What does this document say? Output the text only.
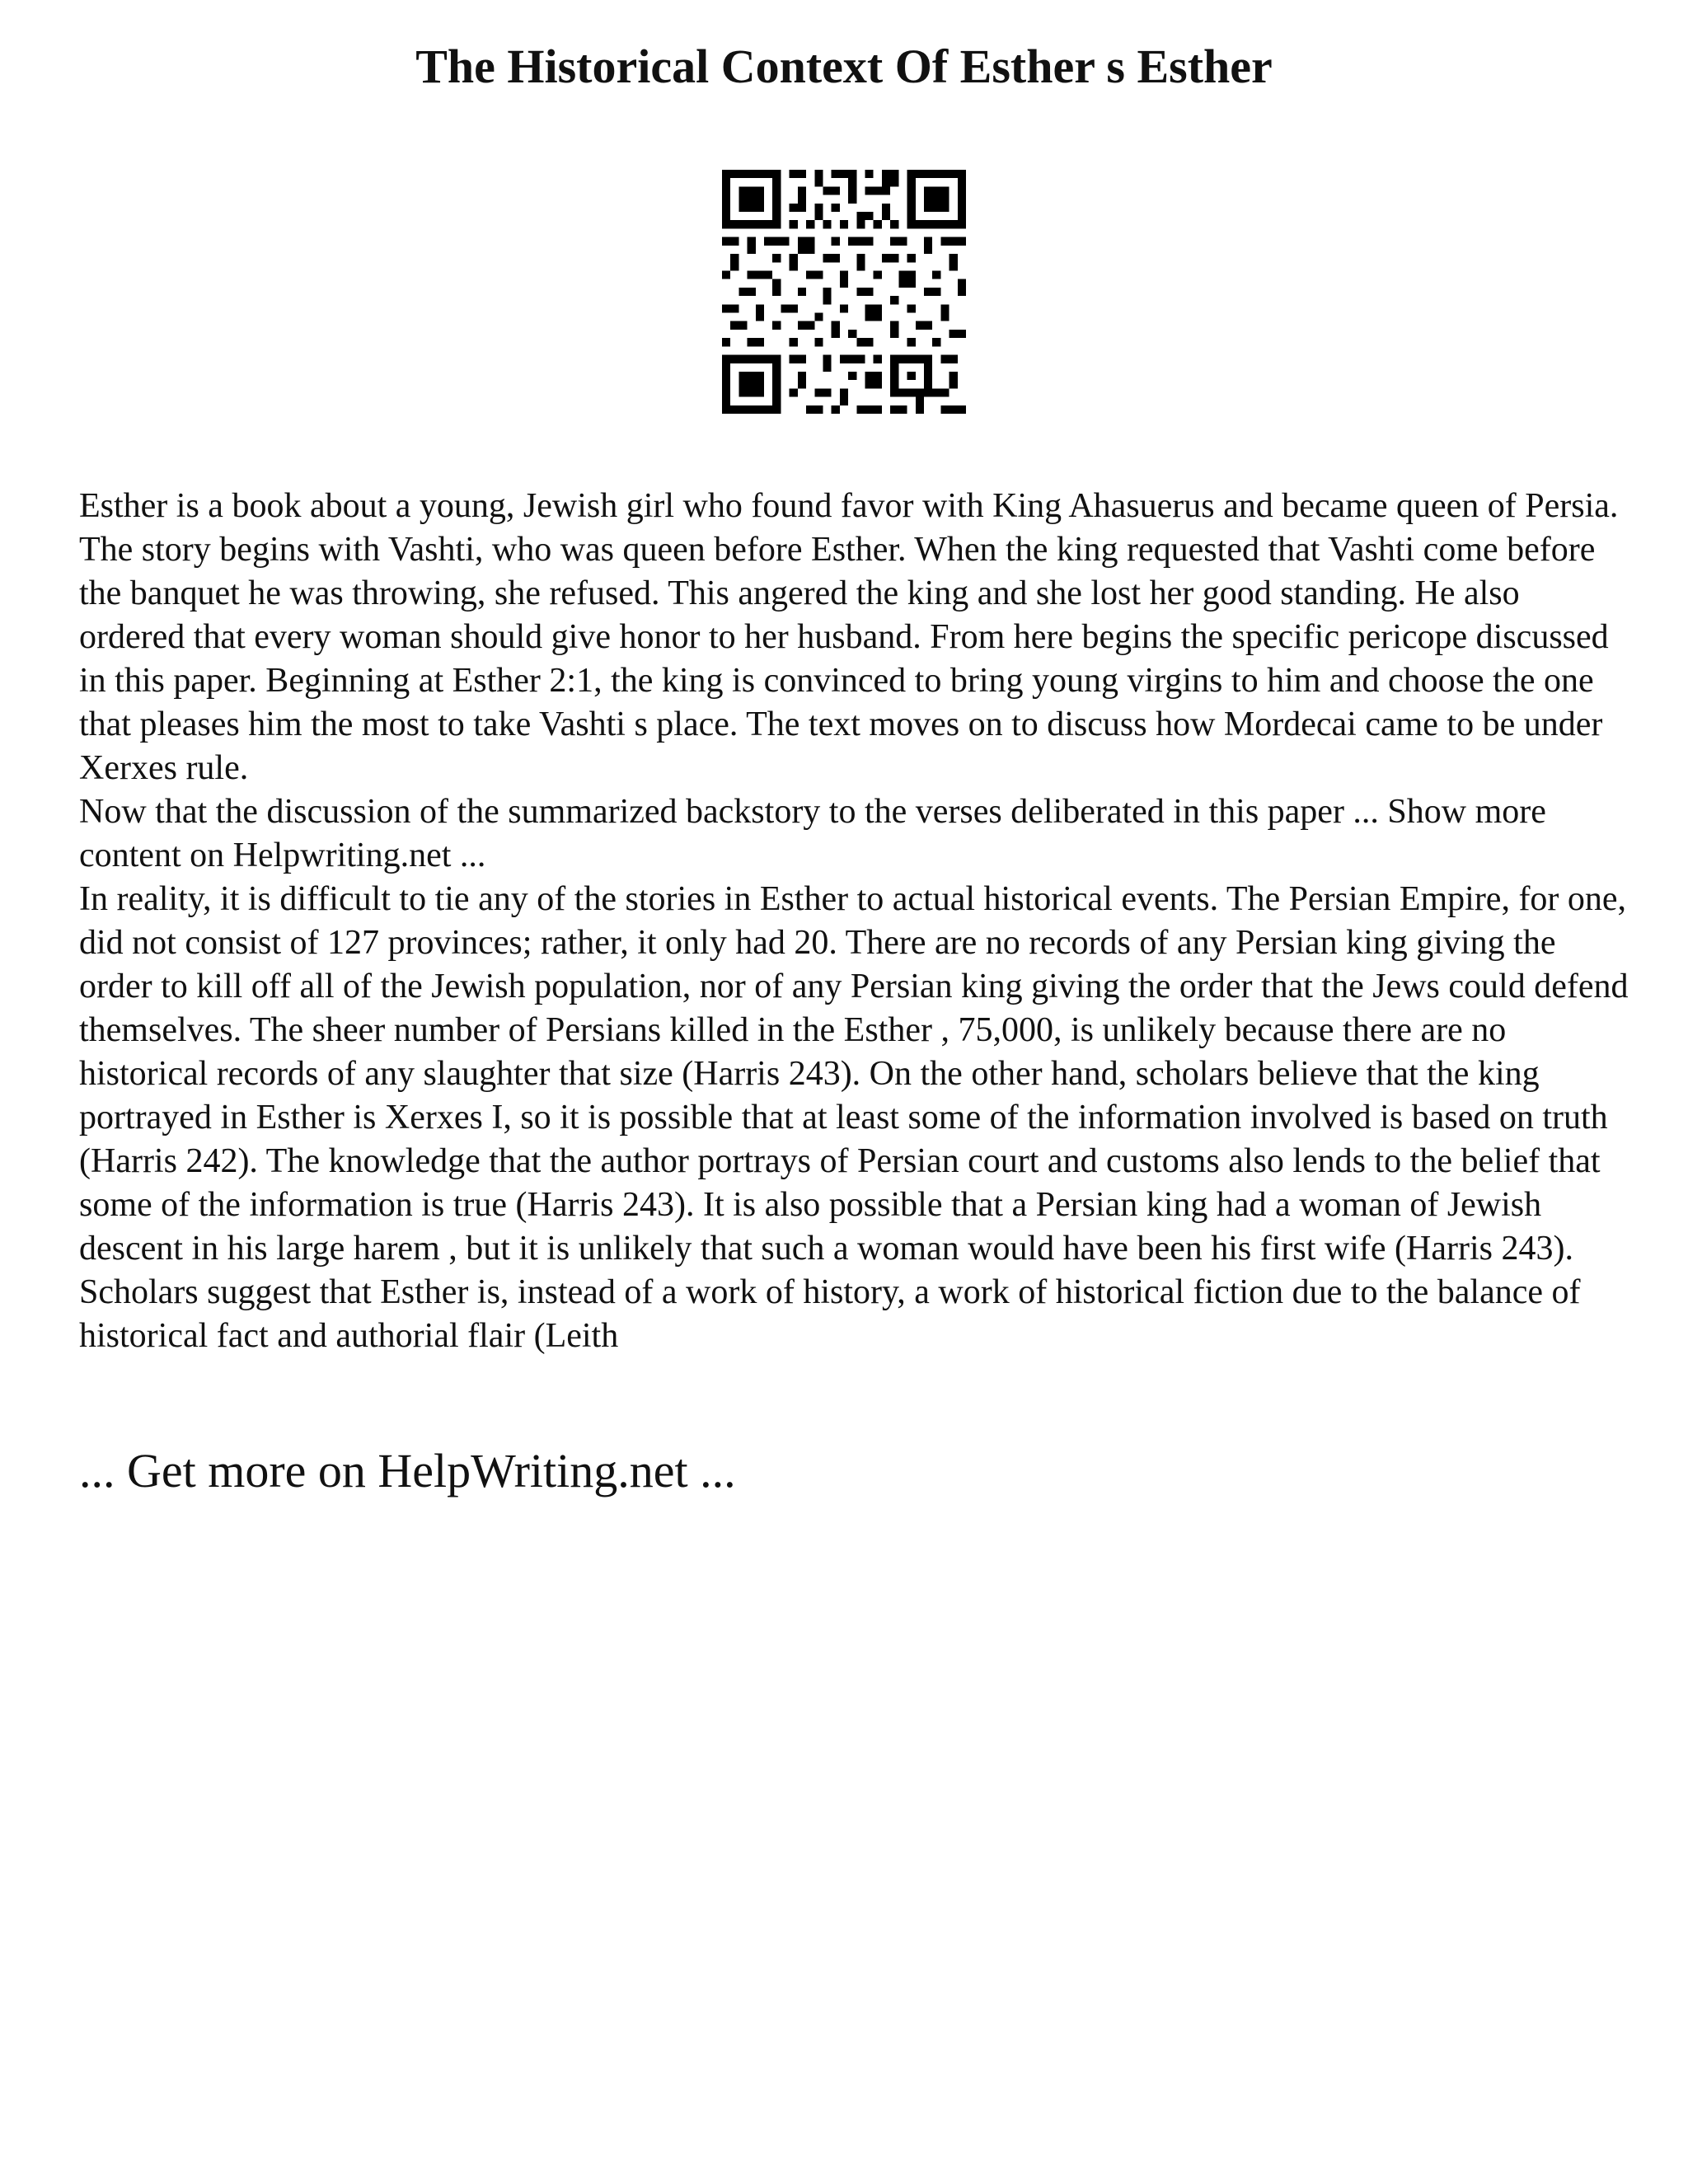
The Historical Context Of Esther s Esther

Esther is a book about a young, Jewish girl who found favor with King Ahasuerus and became queen of Persia. The story begins with Vashti, who was queen before Esther. When the king requested that Vashti come before the banquet he was throwing, she refused. This angered the king and she lost her good standing. He also ordered that every woman should give honor to her husband. From here begins the specific pericope discussed in this paper. Beginning at Esther 2:1, the king is convinced to bring young virgins to him and choose the one that pleases him the most to take Vashti s place. The text moves on to discuss how Mordecai came to be under Xerxes rule.

Now that the discussion of the summarized backstory to the verses deliberated in this paper ... Show more content on Helpwriting.net ...

In reality, it is difficult to tie any of the stories in Esther to actual historical events. The Persian Empire, for one, did not consist of 127 provinces; rather, it only had 20. There are no records of any Persian king giving the order to kill off all of the Jewish population, nor of any Persian king giving the order that the Jews could defend themselves. The sheer number of Persians killed in the Esther , 75,000, is unlikely because there are no historical records of any slaughter that size (Harris 243). On the other hand, scholars believe that the king portrayed in Esther is Xerxes I, so it is possible that at least some of the information involved is based on truth (Harris 242). The knowledge that the author portrays of Persian court and customs also lends to the belief that some of the information is true (Harris 243). It is also possible that a Persian king had a woman of Jewish descent in his large harem , but it is unlikely that such a woman would have been his first wife (Harris 243). Scholars suggest that Esther is, instead of a work of history, a work of historical fiction due to the balance of historical fact and authorial flair (Leith

... Get more on HelpWriting.net ...
